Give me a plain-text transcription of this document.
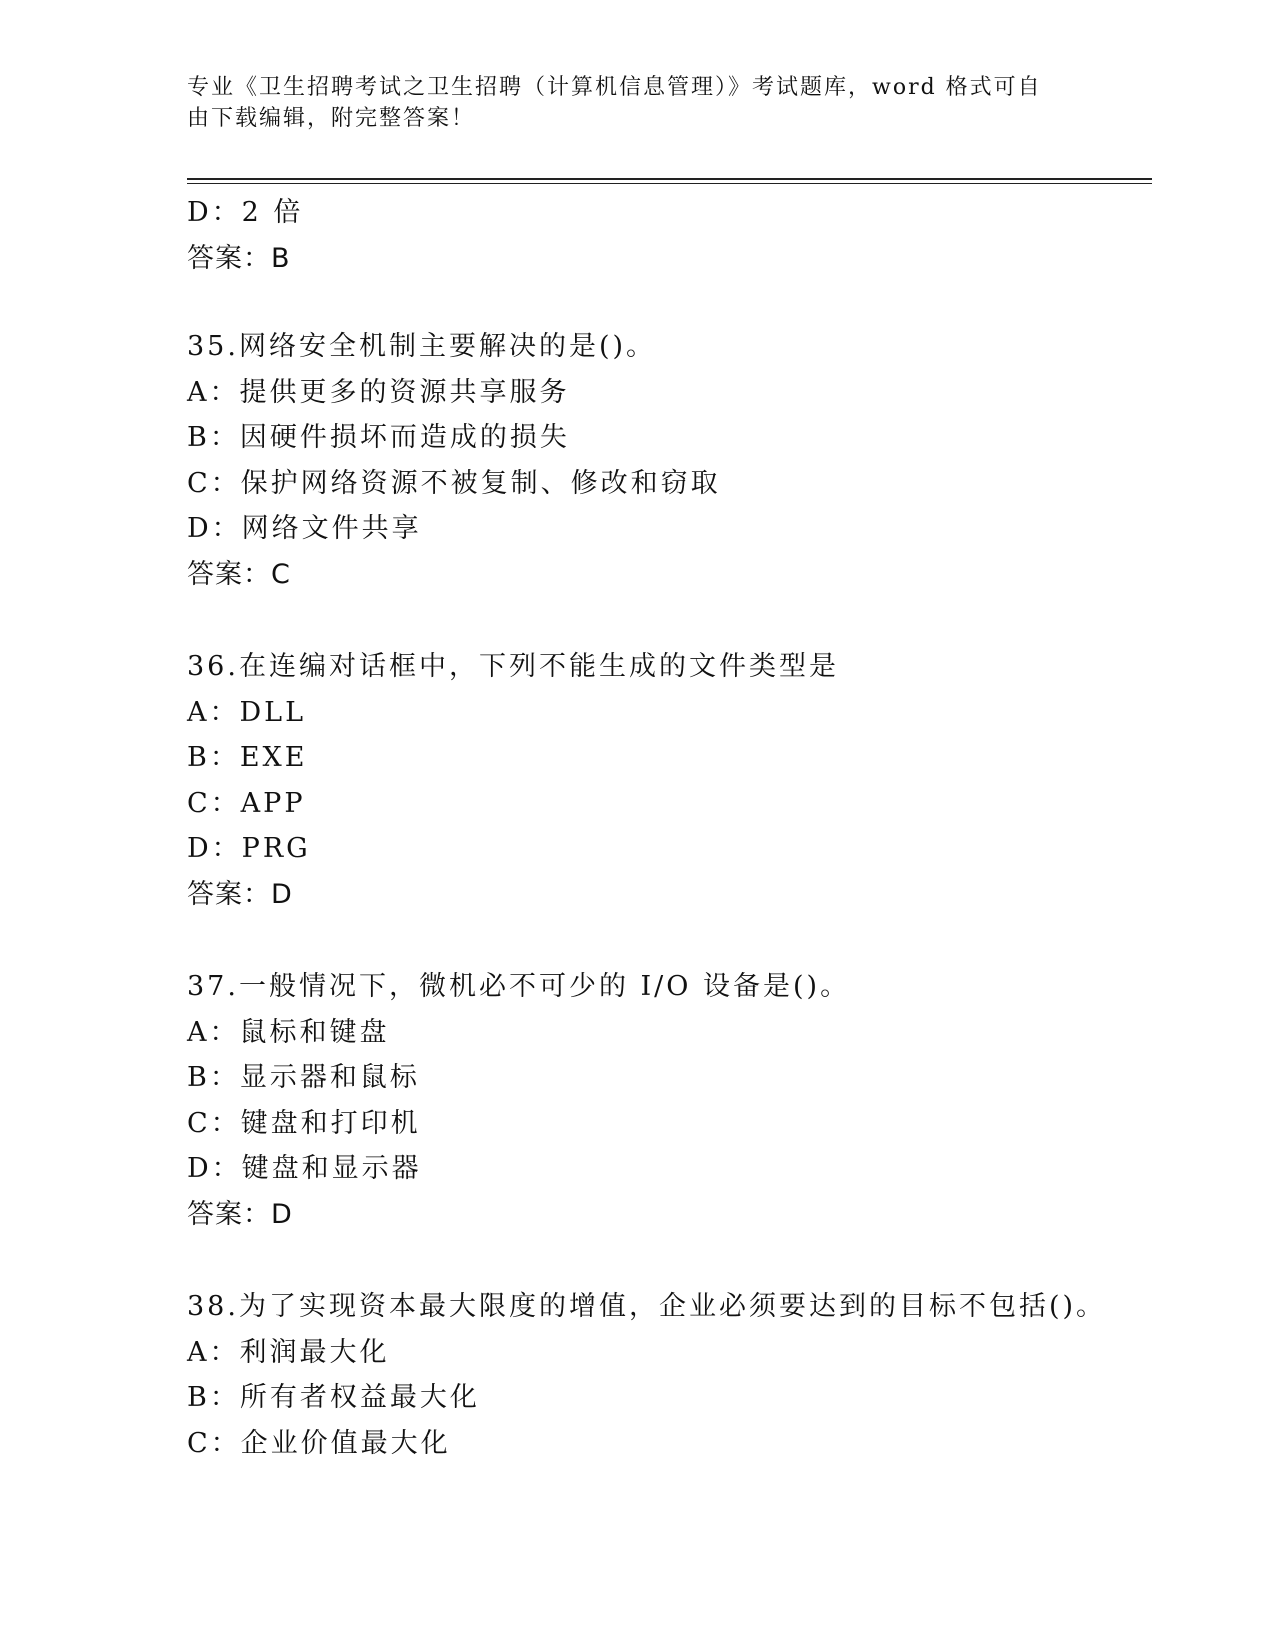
专业《卫生招聘考试之卫生招聘（计算机信息管理）》考试题库，word 格式可自
由下载编辑，附完整答案！
D：2 倍
答案：B
35.网络安全机制主要解决的是()。
A：提供更多的资源共享服务
B：因硬件损坏而造成的损失
C：保护网络资源不被复制、修改和窃取
D：网络文件共享
答案：C
36.在连编对话框中，下列不能生成的文件类型是
A：DLL
B：EXE
C：APP
D：PRG
答案：D
37.一般情况下，微机必不可少的 I/O 设备是()。
A：鼠标和键盘
B：显示器和鼠标
C：键盘和打印机
D：键盘和显示器
答案：D
38.为了实现资本最大限度的增值，企业必须要达到的目标不包括()。
A：利润最大化
B：所有者权益最大化
C：企业价值最大化
